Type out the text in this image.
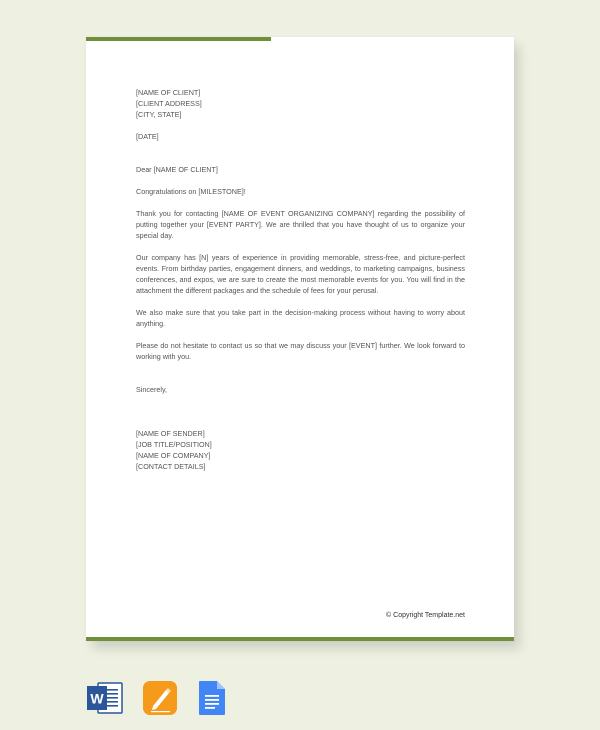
[NAME OF CLIENT]
[CLIENT ADDRESS]
[CITY, STATE]
[DATE]
Dear [NAME OF CLIENT]
Congratulations on [MILESTONE]!

Thank you for contacting [NAME OF EVENT ORGANIZING COMPANY] regarding the possibility of putting together your [EVENT PARTY]. We are thrilled that you have thought of us to organize your special day.

Our company has [N] years of experience in providing memorable, stress-free, and picture-perfect events. From birthday parties, engagement dinners, and weddings, to marketing campaigns, business conferences, and expos, we are sure to create the most memorable events for you. You will find in the attachment the different packages and the schedule of fees for your perusal.

We also make sure that you take part in the decision-making process without having to worry about anything.

Please do not hesitate to contact us so that we may discuss your [EVENT] further. We look forward to working with you.

Sincerely,
[NAME OF SENDER]
[JOB TITLE/POSITION]
[NAME OF COMPANY]
[CONTACT DETAILS]
© Copyright Template.net
W
